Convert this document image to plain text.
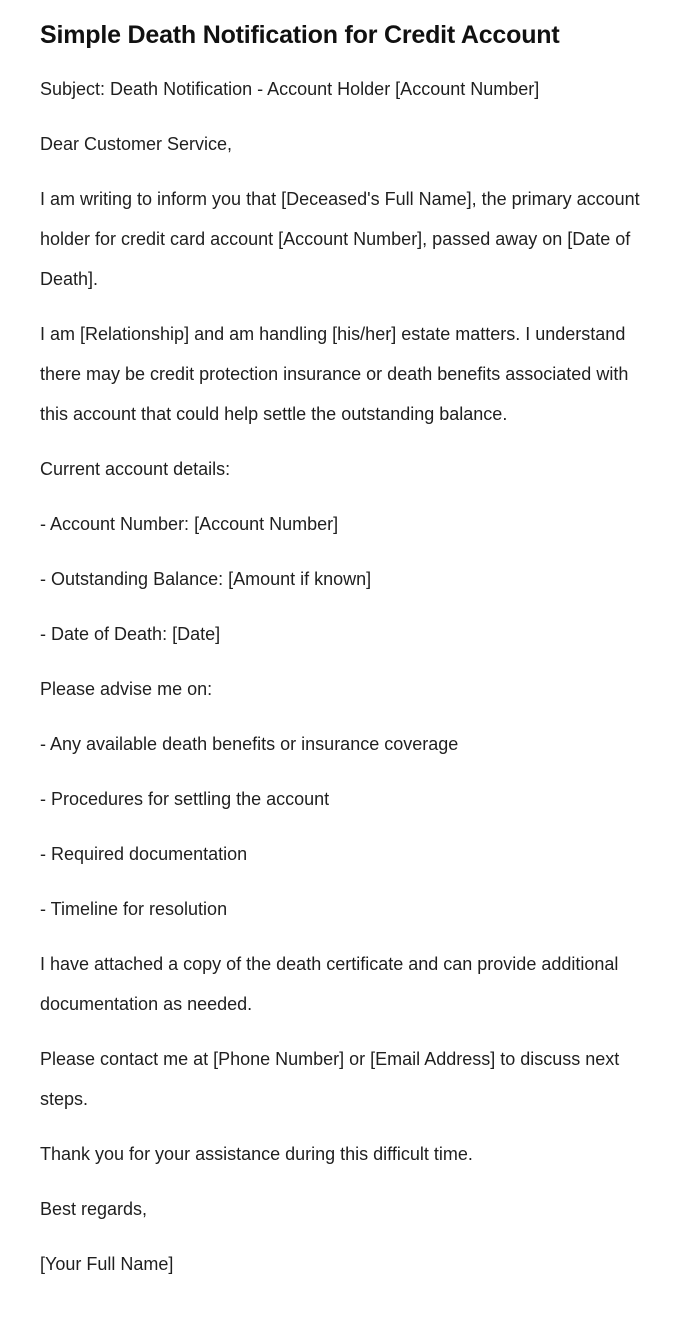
Simple Death Notification for Credit Account

Subject: Death Notification - Account Holder [Account Number]

Dear Customer Service,

I am writing to inform you that [Deceased's Full Name], the primary account holder for credit card account [Account Number], passed away on [Date of Death].

I am [Relationship] and am handling [his/her] estate matters. I understand there may be credit protection insurance or death benefits associated with this account that could help settle the outstanding balance.

Current account details:

- Account Number: [Account Number]

- Outstanding Balance: [Amount if known]

- Date of Death: [Date]

Please advise me on:

- Any available death benefits or insurance coverage

- Procedures for settling the account

- Required documentation

- Timeline for resolution

I have attached a copy of the death certificate and can provide additional documentation as needed.

Please contact me at [Phone Number] or [Email Address] to discuss next steps.

Thank you for your assistance during this difficult time.

Best regards,

[Your Full Name]
